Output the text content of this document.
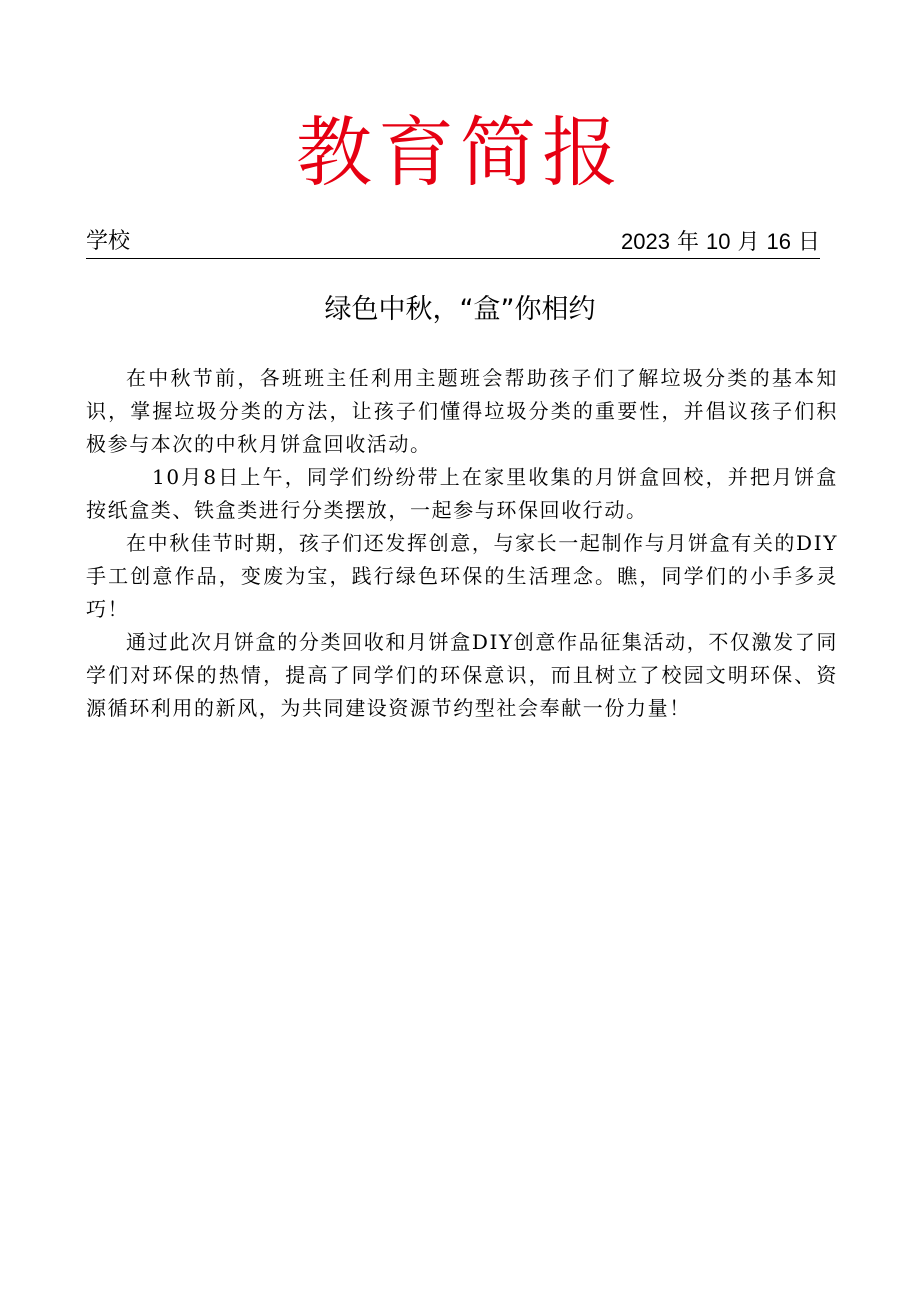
教育简报
学校	2023 年 10 月 16 日
绿色中秋，“盒”你相约

在中秋节前，各班班主任利用主题班会帮助孩子们了解垃圾分类的基本知识，掌握垃圾分类的方法，让孩子们懂得垃圾分类的重要性，并倡议孩子们积极参与本次的中秋月饼盒回收活动。

10月8日上午，同学们纷纷带上在家里收集的月饼盒回校，并把月饼盒按纸盒类、铁盒类进行分类摆放，一起参与环保回收行动。

在中秋佳节时期，孩子们还发挥创意，与家长一起制作与月饼盒有关的DIY手工创意作品，变废为宝，践行绿色环保的生活理念。瞧，同学们的小手多灵巧！

通过此次月饼盒的分类回收和月饼盒DIY创意作品征集活动，不仅激发了同学们对环保的热情，提高了同学们的环保意识，而且树立了校园文明环保、资源循环利用的新风，为共同建设资源节约型社会奉献一份力量！
